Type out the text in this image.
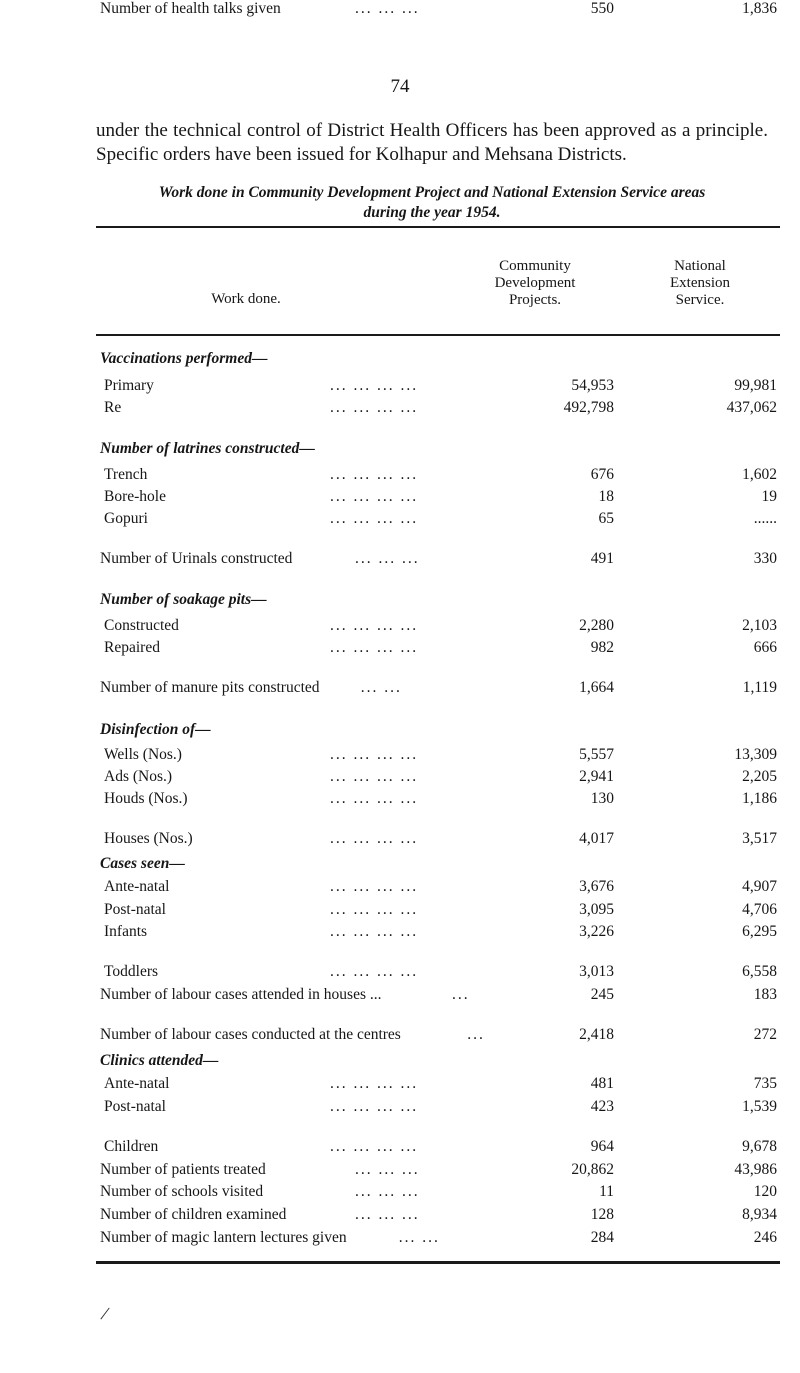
74
under the technical control of District Health Officers has been approved as a principle. Specific orders have been issued for Kolhapur and Mehsana Districts.
Work done in Community Development Project and National Extension Service areas
during the year 1954.
Work done.
Community
Development
Projects.
National
Extension
Service.
Vaccinations performed—
Primary	... ... ... ...	54,953	99,981
Re	... ... ... ...	492,798	437,062
Number of latrines constructed—
Trench	... ... ... ...	676	1,602
Bore-hole	... ... ... ...	18	19
Gopuri	... ... ... ...	65	......
Number of Urinals constructed	... ... ...	491	330
Number of soakage pits—
Constructed	... ... ... ...	2,280	2,103
Repaired	... ... ... ...	982	666
Number of manure pits constructed	... ...	1,664	1,119
Disinfection of—
Wells (Nos.)	... ... ... ...	5,557	13,309
Ads (Nos.)	... ... ... ...	2,941	2,205
Houds (Nos.)	... ... ... ...	130	1,186
Houses (Nos.)	... ... ... ...	4,017	3,517
Cases seen—
Ante-natal	... ... ... ...	3,676	4,907
Post-natal	... ... ... ...	3,095	4,706
Infants	... ... ... ...	3,226	6,295
Toddlers	... ... ... ...	3,013	6,558
Number of labour cases attended in houses ...	...	245	183
Number of labour cases conducted at the centres	...	2,418	272
Clinics attended—
Ante-natal	... ... ... ...	481	735
Post-natal	... ... ... ...	423	1,539
Children	... ... ... ...	964	9,678
Number of patients treated	... ... ...	20,862	43,986
Number of schools visited	... ... ...	11	120
Number of children examined	... ... ...	128	8,934
Number of magic lantern lectures given	... ...	284	246
Number of health talks given	... ... ...	550	1,836
/
